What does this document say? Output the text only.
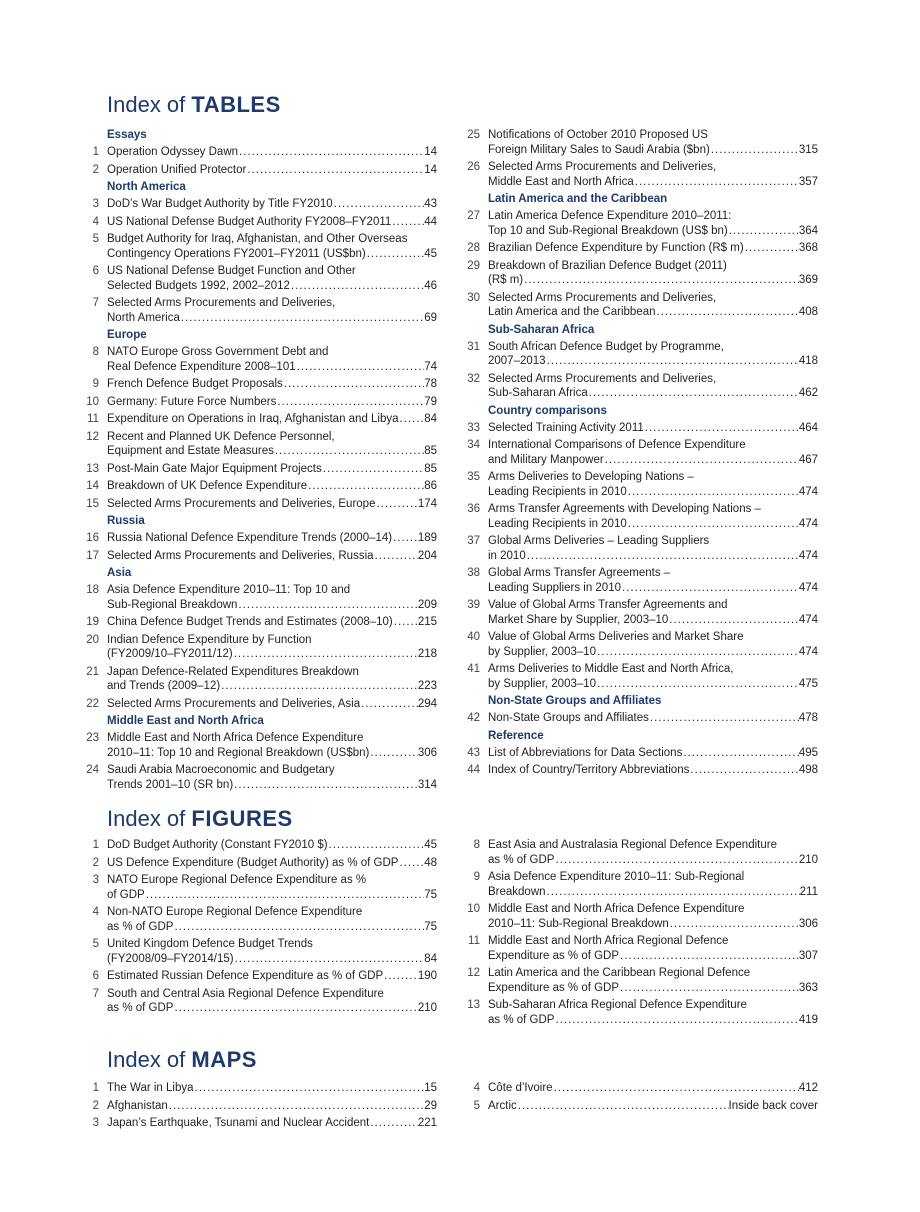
Index of TABLES
Essays
1 Operation Odyssey Dawn .....	14
2 Operation Unified Protector .....	14
North America
3 DoD’s War Budget Authority by Title FY2010 .....	43
4 US National Defense Budget Authority FY2008–FY2011 .....	44
5 Budget Authority for Iraq, Afghanistan, and Other Overseas
Contingency Operations FY2001–FY2011 (US$bn) .....	45
6 US National Defense Budget Function and Other
Selected Budgets 1992, 2002–2012 .....	46
7 Selected Arms Procurements and Deliveries,
North America .....	69
Europe
8 NATO Europe Gross Government Debt and
Real Defence Expenditure 2008–101 .....	74
9 French Defence Budget Proposals .....	78
10 Germany: Future Force Numbers .....	79
11 Expenditure on Operations in Iraq, Afghanistan and Libya ..... 84
12 Recent and Planned UK Defence Personnel,
Equipment and Estate Measures .....	85
13 Post-Main Gate Major Equipment Projects .....	85
14 Breakdown of UK Defence Expenditure .....	86
15 Selected Arms Procurements and Deliveries, Europe .....	174
Russia
16 Russia National Defence Expenditure Trends (2000–14) ..... 189
17 Selected Arms Procurements and Deliveries, Russia .....	204
Asia
18 Asia Defence Expenditure 2010–11: Top 10 and
Sub-Regional Breakdown .....	209
19 China Defence Budget Trends and Estimates (2008–10) ..... 215
20 Indian Defence Expenditure by Function
(FY2009/10–FY2011/12) .....	218
21 Japan Defence-Related Expenditures Breakdown
and Trends (2009–12) .....	223
22 Selected Arms Procurements and Deliveries, Asia .....	294
Middle East and North Africa
23 Middle East and North Africa Defence Expenditure
2010–11: Top 10 and Regional Breakdown (US$bn) .....	306
24 Saudi Arabia Macroeconomic and Budgetary
Trends 2001–10 (SR bn) .....	314
25 Notifications of October 2010 Proposed US
Foreign Military Sales to Saudi Arabia ($bn) .....	315
26 Selected Arms Procurements and Deliveries,
Middle East and North Africa .....	357
Latin America and the Caribbean
27 Latin America Defence Expenditure 2010–2011:
Top 10 and Sub-Regional Breakdown (US$ bn) .....	364
28 Brazilian Defence Expenditure by Function (R$ m) .....	368
29 Breakdown of Brazilian Defence Budget (2011)
(R$ m) .....	369
30 Selected Arms Procurements and Deliveries,
Latin America and the Caribbean .....	408
Sub-Saharan Africa
31 South African Defence Budget by Programme,
2007–2013 .....	418
32 Selected Arms Procurements and Deliveries,
Sub-Saharan Africa .....	462
Country comparisons
33 Selected Training Activity 2011 .....	464
34 International Comparisons of Defence Expenditure
and Military Manpower .....	467
35 Arms Deliveries to Developing Nations –
Leading Recipients in 2010 .....	474
36 Arms Transfer Agreements with Developing Nations –
Leading Recipients in 2010 .....	474
37 Global Arms Deliveries – Leading Suppliers
in 2010 .....	474
38 Global Arms Transfer Agreements –
Leading Suppliers in 2010 .....	474
39 Value of Global Arms Transfer Agreements and
Market Share by Supplier, 2003–10 .....	474
40 Value of Global Arms Deliveries and Market Share
by Supplier, 2003–10 .....	474
41 Arms Deliveries to Middle East and North Africa,
by Supplier, 2003–10 .....	475
Non-State Groups and Affiliates
42 Non-State Groups and Affiliates .....	478
Reference
43 List of Abbreviations for Data Sections .....	495
44 Index of Country/Territory Abbreviations .....	498
Index of FIGURES
1 DoD Budget Authority (Constant FY2010 $) .....	45
2 US Defence Expenditure (Budget Authority) as % of GDP ..... 48
3 NATO Europe Regional Defence Expenditure as %
of GDP .....	75
4 Non-NATO Europe Regional Defence Expenditure
as % of GDP .....	75
5 United Kingdom Defence Budget Trends
(FY2008/09–FY2014/15) .....	84
6 Estimated Russian Defence Expenditure as % of GDP .....	190
7 South and Central Asia Regional Defence Expenditure
as % of GDP .....	210
8 East Asia and Australasia Regional Defence Expenditure
as % of GDP .....	210
9 Asia Defence Expenditure 2010–11: Sub-Regional
Breakdown .....	211
10 Middle East and North Africa Defence Expenditure
2010–11: Sub-Regional Breakdown .....	306
11 Middle East and North Africa Regional Defence
Expenditure as % of GDP .....	307
12 Latin America and the Caribbean Regional Defence
Expenditure as % of GDP .....	363
13 Sub-Saharan Africa Regional Defence Expenditure
as % of GDP .....	419
Index of MAPS
1 The War in Libya .....	15
2 Afghanistan .....	29
3 Japan’s Earthquake, Tsunami and Nuclear Accident .....	221
4 Côte d’Ivoire .....	412
5 Arctic .....	Inside back cover
